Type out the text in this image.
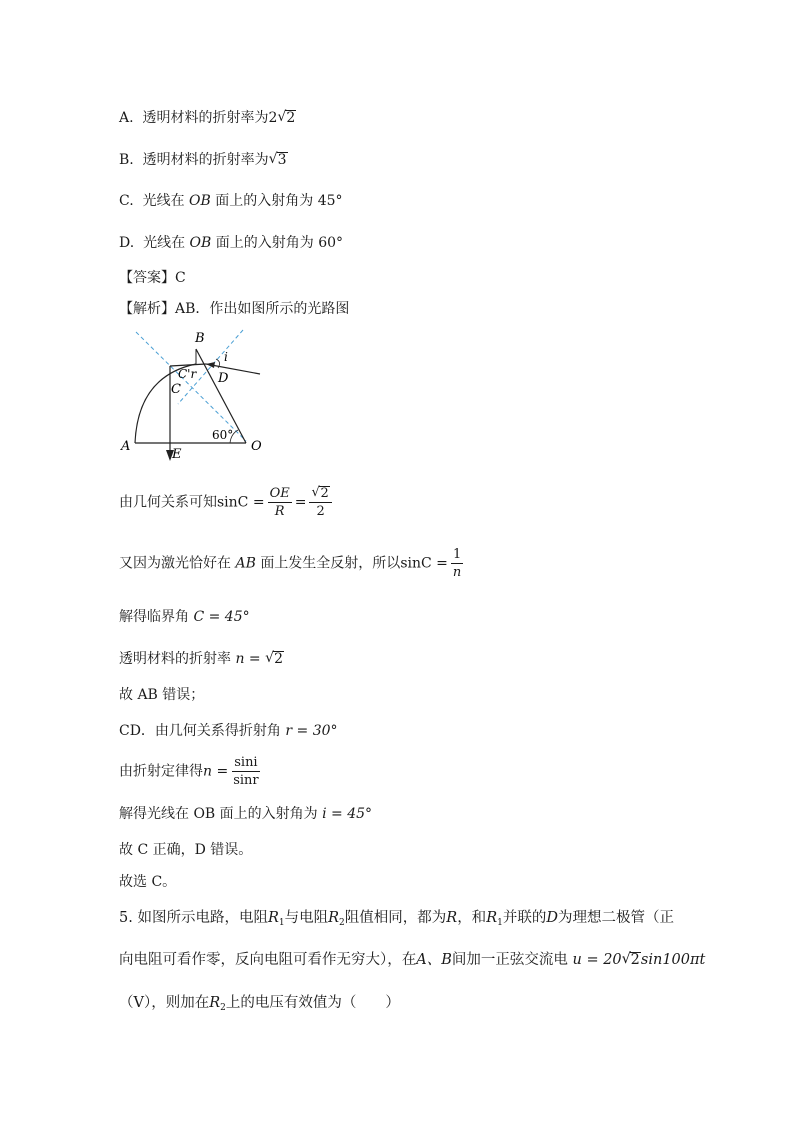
A. 透明材料的折射率为2 √ 2
B. 透明材料的折射率为 √ 3
C. 光线在 OB 面上的入射角为 45°
D. 光线在 OB 面上的入射角为 60°
【答案】C
【解析】AB．作出如图所示的光路图
B
i
C'r
C
D
A
E
O
60°
由几何关系可知$\sin C = \frac{OE}{R}$ = √ $\frac{2}{2}$
又因为激光恰好在 AB 面上发生全反射，所以$\sin C = \frac{1}{n}$
解得临界角 C = 45°
透明材料的折射率 n = √ 2
故 AB 错误；
CD．由几何关系得折射角 r = 30°
由折射定律得$n = \frac{\sin i}{\sin r}$
解得光线在 OB 面上的入射角为 i = 45°
故 C 正确，D 错误。
故选 C。
5. 如图所示电路，电阻$R_1$与电阻$R_2$阻值相同，都为R，和$R_1$并联的D为理想二极管（正
向电阻可看作零，反向电阻可看作无穷大），在A、B间加一正弦交流电 u = 20 √ 2sin100πt
（V），则加在$R_2$上的电压有效值为（　　）
